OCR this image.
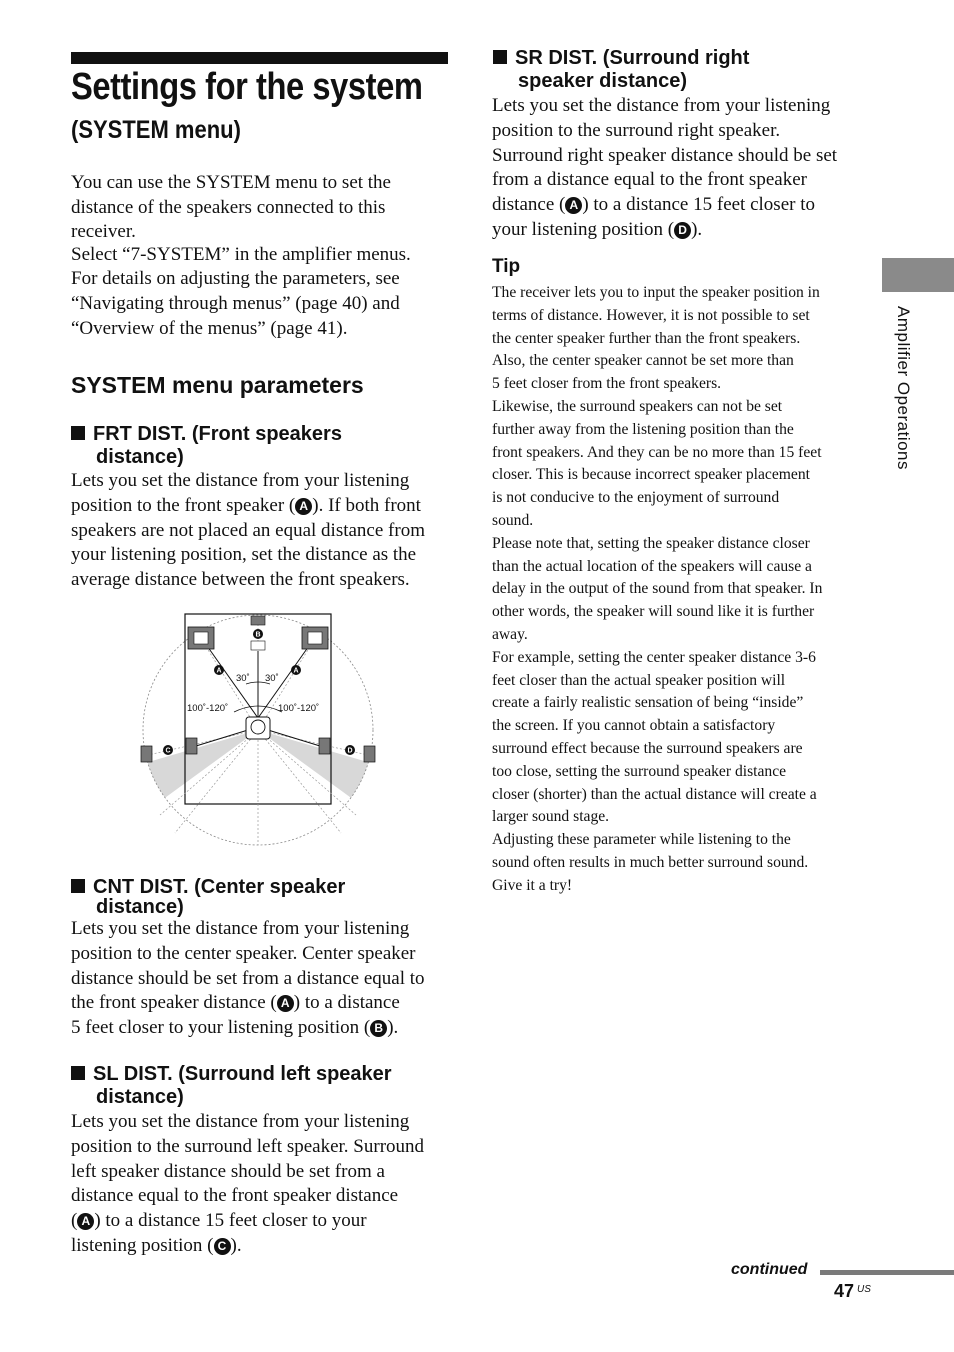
Settings for the system
(SYSTEM menu)
You can use the SYSTEM menu to set the
distance of the speakers connected to this
receiver.
Select “7-SYSTEM” in the amplifier menus.
For details on adjusting the parameters, see
“Navigating through menus” (page 40) and
“Overview of the menus” (page 41).
SYSTEM menu parameters
FRT DIST. (Front speakers
distance)
Lets you set the distance from your listening
position to the front speaker ( A ). If both front
speakers are not placed an equal distance from
your listening position, set the distance as the
average distance between the front speakers.
B
A	A
C	D
30˚ 30˚
100˚-120˚	100˚-120˚
CNT DIST. (Center speaker
distance)
Lets you set the distance from your listening
position to the center speaker. Center speaker
distance should be set from a distance equal to
the front speaker distance ( A ) to a distance
5 feet closer to your listening position ( B ).
SL DIST. (Surround left speaker
distance)
Lets you set the distance from your listening
position to the surround left speaker. Surround
left speaker distance should be set from a
distance equal to the front speaker distance
( A ) to a distance 15 feet closer to your
listening position ( C ).
SR DIST. (Surround right
speaker distance)
Lets you set the distance from your listening
position to the surround right speaker.
Surround right speaker distance should be set
from a distance equal to the front speaker
distance ( A ) to a distance 15 feet closer to
your listening position ( D ).
Tip
The receiver lets you to input the speaker position in
terms of distance. However, it is not possible to set
the center speaker further than the front speakers.
Also, the center speaker cannot be set more than
5 feet closer from the front speakers.
Likewise, the surround speakers can not be set
further away from the listening position than the
front speakers. And they can be no more than 15 feet
closer. This is because incorrect speaker placement
is not conducive to the enjoyment of surround
sound.
Please note that, setting the speaker distance closer
than the actual location of the speakers will cause a
delay in the output of the sound from that speaker. In
other words, the speaker will sound like it is further
away.
For example, setting the center speaker distance 3-6
feet closer than the actual speaker position will
create a fairly realistic sensation of being “inside”
the screen. If you cannot obtain a satisfactory
surround effect because the surround speakers are
too close, setting the surround speaker distance
closer (shorter) than the actual distance will create a
larger sound stage.
Adjusting these parameter while listening to the
sound often results in much better surround sound.
Give it a try!
Amplifier Operations
continued
47 US
